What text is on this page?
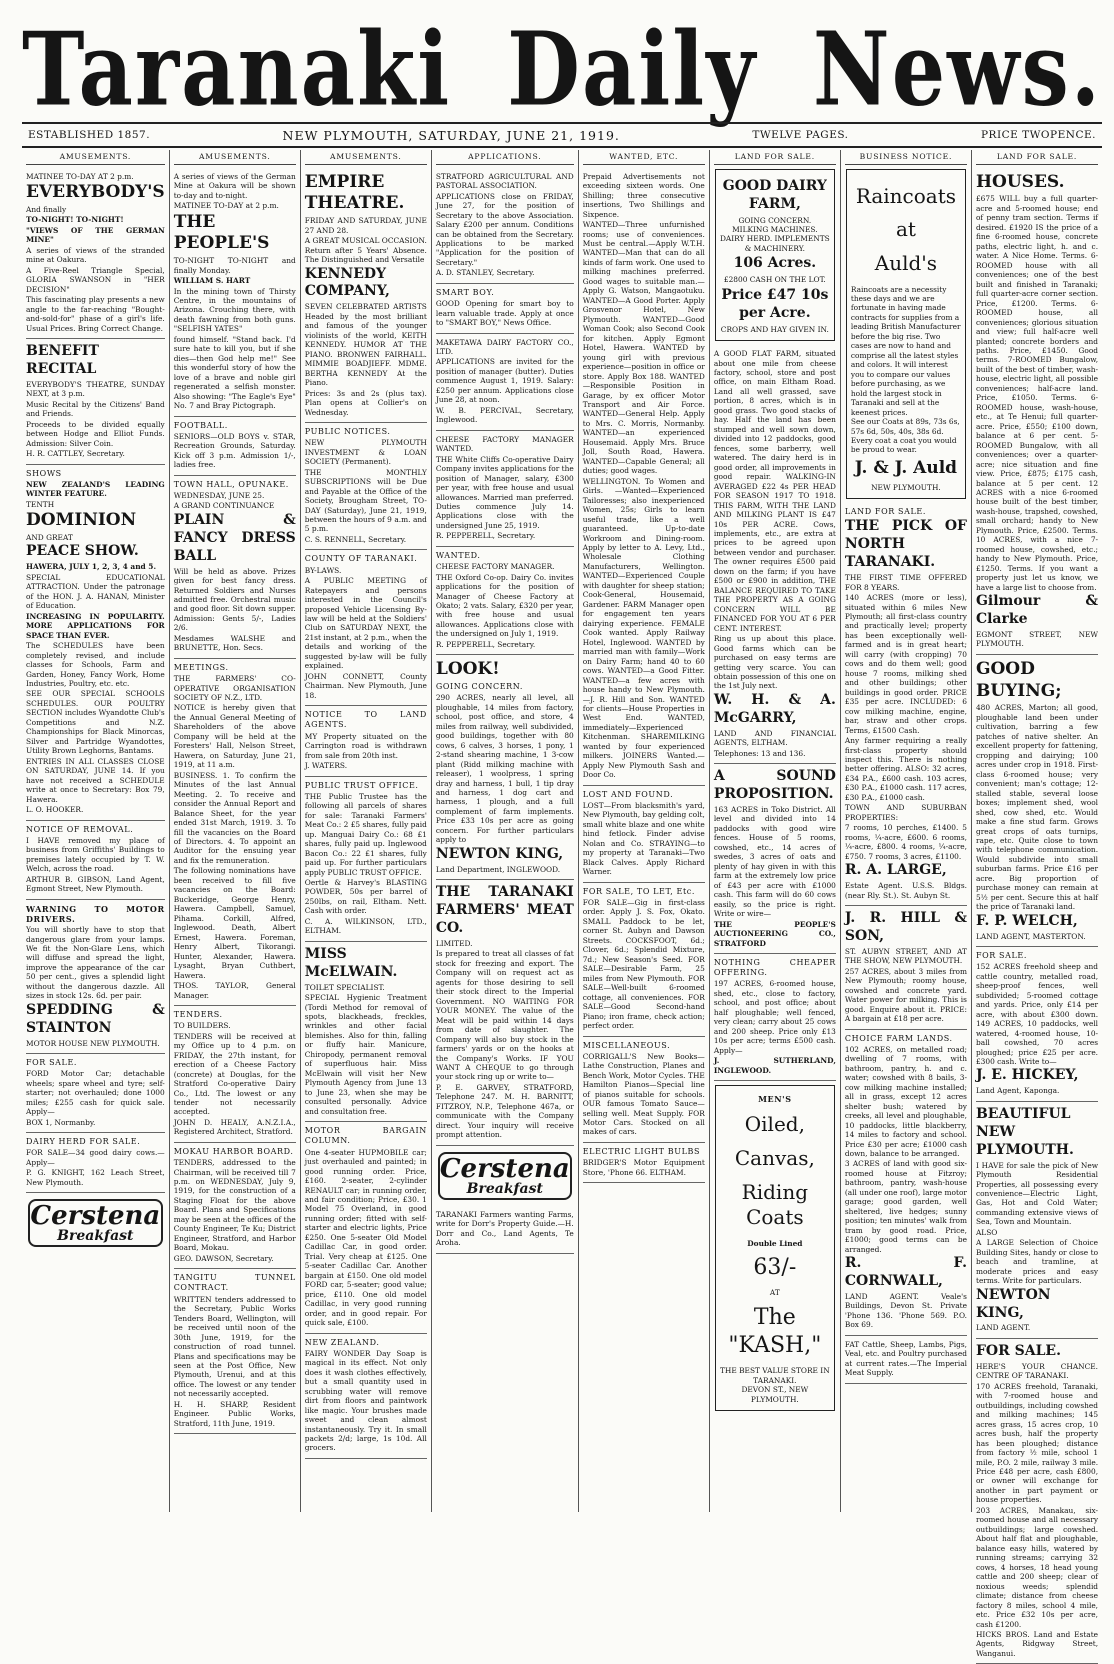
Taranaki Daily News.
ESTABLISHED 1857.	NEW PLYMOUTH, SATURDAY, JUNE 21, 1919.	TWELVE PAGES.	PRICE TWOPENCE.
AMUSEMENTS.

MATINEE TO-DAY AT 2 p.m.

EVERYBODY'S

And finally

TO-NIGHT! TO-NIGHT!

"VIEWS OF THE GERMAN MINE"

A series of views of the stranded mine at Oakura.

A Five-Reel Triangle Special, GLORIA SWANSON in "HER DECISION"

This fascinating play presents a new angle to the far-reaching "Bought-and-sold-for" phase of a girl's life. Usual Prices. Bring Correct Change.

BENEFIT RECITAL

EVERYBODY'S THEATRE, SUNDAY NEXT, at 3 p.m.

Music Recital by the Citizens' Band and Friends.

Proceeds to be divided equally between Hodge and Elliot Funds. Admission: Silver Coin.

H. R. CATTLEY, Secretary.

SHOWS

NEW ZEALAND'S LEADING WINTER FEATURE.

TENTH

DOMINION

AND GREAT

PEACE SHOW.

HAWERA, JULY 1, 2, 3, 4 and 5.

SPECIAL EDUCATIONAL ATTRACTION. Under the patronage of the HON. J. A. HANAN, Minister of Education.

INCREASING IN POPULARITY. MORE APPLICATIONS FOR SPACE THAN EVER.

The SCHEDULES have been completely revised, and include classes for Schools, Farm and Garden, Honey, Fancy Work, Home Industries, Poultry, etc. etc.

SEE OUR SPECIAL SCHOOLS SCHEDULES. OUR POULTRY SECTION includes Wyandotte Club's Competitions and N.Z. Championships for Black Minorcas, Silver and Partridge Wyandottes, Utility Brown Leghorns, Bantams.

ENTRIES IN ALL CLASSES CLOSE ON SATURDAY, JUNE 14. If you have not received a SCHEDULE write at once to Secretary: Box 79, Hawera.

L. O. HOOKER.

NOTICE OF REMOVAL.

I HAVE removed my place of business from Griffiths' Buildings to premises lately occupied by T. W. Welch, across the road.

ARTHUR B. GIBSON, Land Agent, Egmont Street, New Plymouth.

WARNING TO MOTOR DRIVERS.

You will shortly have to stop that dangerous glare from your lamps. We fit the Non-Glare Lens, which will diffuse and spread the light, improve the appearance of the car 50 per cent., gives a splendid light without the dangerous dazzle. All sizes in stock 12s. 6d. per pair.

SPEDDING & STAINTON

MOTOR HOUSE NEW PLYMOUTH.

FOR SALE.

FORD Motor Car; detachable wheels; spare wheel and tyre; self-starter; not overhauled; done 1000 miles; £255 cash for quick sale. Apply—

BOX 1, Normanby.

DAIRY HERD FOR SALE.

FOR SALE—34 good dairy cows.—Apply—

P. G. KNIGHT, 162 Leach Street, New Plymouth.

Cerstena
Breakfast
AMUSEMENTS.

A series of views of the German Mine at Oakura will be shown to-day and to-night.

MATINEE TO-DAY at 2 p.m.

THE PEOPLE'S

TO-NIGHT TO-NIGHT and finally Monday.

WILLIAM S. HART

In the mining town of Thirsty Centre, in the mountains of Arizona. Crouching there, with death fawning from both guns. "SELFISH YATES"

found himself. "Stand back. I'd sure hate to kill you, but if she dies—then God help me!" See this wonderful story of how the love of a brave and noble girl regenerated a selfish monster. Also showing: "The Eagle's Eye" No. 7 and Bray Pictograph.

FOOTBALL.

SENIORS—OLD BOYS v. STAR, Recreation Grounds, Saturday. Kick off 3 p.m. Admission 1/-, ladies free.

TOWN HALL, OPUNAKE.

WEDNESDAY, JUNE 25.

A GRAND CONTINUANCE

PLAIN & FANCY DRESS BALL

Will be held as above. Prizes given for best fancy dress. Returned Soldiers and Nurses admitted free. Orchestral music and good floor. Sit down supper. Admission: Gents 5/-, Ladies 2/6.

Mesdames WALSHE and BRUNETTE, Hon. Secs.

MEETINGS.

THE FARMERS' CO-OPERATIVE ORGANISATION SOCIETY OF N.Z., LTD.

NOTICE is hereby given that the Annual General Meeting of Shareholders of the above Company will be held at the Foresters' Hall, Nelson Street, Hawera, on Saturday, June 21, 1919, at 11 a.m.

BUSINESS. 1. To confirm the Minutes of the last Annual Meeting. 2. To receive and consider the Annual Report and Balance Sheet, for the year ended 31st March, 1919. 3. To fill the vacancies on the Board of Directors. 4. To appoint an Auditor for the ensuing year and fix the remuneration.

The following nominations have been received to fill five vacancies on the Board: Buckeridge, George Henry, Hawera. Campbell, Samuel, Pihama. Corkill, Alfred, Inglewood. Death, Albert Ernest, Hawera. Foreman, Henry Albert, Tikorangi. Hunter, Alexander, Hawera. Lysaght, Bryan Cuthbert, Hawera.

THOS. TAYLOR, General Manager.

TENDERS.

TO BUILDERS.

TENDERS will be received at my Office up to 4 p.m. on FRIDAY, the 27th instant, for erection of a Cheese Factory (concrete) at Douglas, for the Stratford Co-operative Dairy Co., Ltd. The lowest or any tender not necessarily accepted.

JOHN D. HEALY, A.N.Z.I.A., Registered Architect, Stratford.

MOKAU HARBOR BOARD.

TENDERS, addressed to the Chairman, will be received till 7 p.m. on WEDNESDAY, July 9, 1919, for the construction of a Staging Float for the above Board. Plans and Specifications may be seen at the offices of the County Engineer, Te Ku; District Engineer, Stratford, and Harbor Board, Mokau.

GEO. DAWSON, Secretary.

TANGITU TUNNEL CONTRACT.

WRITTEN tenders addressed to the Secretary, Public Works Tenders Board, Wellington, will be received until noon of the 30th June, 1919, for the construction of road tunnel. Plans and specifications may be seen at the Post Office, New Plymouth, Urenui, and at this office. The lowest or any tender not necessarily accepted.

H. H. SHARP, Resident Engineer. Public Works, Stratford, 11th June, 1919.

AMUSEMENTS.

EMPIRE THEATRE.

FRIDAY AND SATURDAY, JUNE 27 AND 28.

A GREAT MUSICAL OCCASION. Return after 5 Years' Absence. The Distinguished and Versatile

KENNEDY COMPANY,

SEVEN CELEBRATED ARTISTS Headed by the most brilliant and famous of the younger violinists of the world, KEITH KENNEDY. HUMOR AT THE PIANO. BRONWEN FAIRHALL. MIMMIE BOADJIEFF. MDME. BERTHA KENNEDY At the Piano.

Prices: 3s and 2s (plus tax). Plan opens at Collier's on Wednesday.

PUBLIC NOTICES.

NEW PLYMOUTH INVESTMENT & LOAN SOCIETY (Permanent).

THE MONTHLY SUBSCRIPTIONS will be Due and Payable at the Office of the Society, Brougham Street, TO-DAY (Saturday), June 21, 1919, between the hours of 9 a.m. and 5 p.m.

C. S. RENNELL, Secretary.

COUNTY OF TARANAKI.

BY-LAWS.

A PUBLIC MEETING of Ratepayers and persons interested in the Council's proposed Vehicle Licensing By-law will be held at the Soldiers' Club on SATURDAY NEXT, the 21st instant, at 2 p.m., when the details and working of the suggested by-law will be fully explained.

JOHN CONNETT, County Chairman. New Plymouth, June 18.

NOTICE TO LAND AGENTS.

MY Property situated on the Carrington road is withdrawn from sale from 20th inst.

J. WATERS.

PUBLIC TRUST OFFICE.

THE Public Trustee has the following all parcels of shares for sale: Taranaki Farmers' Meat Co.: 2 £5 shares, fully paid up. Manguai Dairy Co.: 68 £1 shares, fully paid up. Inglewood Bacon Co.: 22 £1 shares, fully paid up. For further particulars apply PUBLIC TRUST OFFICE.

Oertle & Harvey's BLASTING POWDER, 50s per barrel of 250lbs, on rail, Eltham. Nett. Cash with order.

C. A. WILKINSON, LTD., ELTHAM.

MISS McELWAIN.

TOILET SPECIALIST.

SPECIAL Hygienic Treatment (Tordi Method for removal of spots, blackheads, freckles, wrinkles and other facial blemishes. Also for thin, falling or fluffy hair. Manicure, Chiropody, permanent removal of superfluous hair. Miss McElwain will visit her New Plymouth Agency from June 13 to June 23, when she may be consulted personally. Advice and consultation free.

MOTOR BARGAIN COLUMN.

One 4-seater HUPMOBILE car; just overhauled and painted; in good running order. Price, £160. 2-seater, 2-cylinder RENAULT car; in running order, and fair condition; Price, £30. 1 Model 75 Overland, in good running order; fitted with self-starter and electric lights, Price £250. One 5-seater Old Model Cadillac Car, in good order. Trial. Very cheap at £125. One 5-seater Cadillac Car. Another bargain at £150. One old model FORD car, 5-seater; good value; price, £110. One old model Cadillac, in very good running order, and in good repair. For quick sale, £100.

NEW ZEALAND.

FAIRY WONDER Day Soap is magical in its effect. Not only does it wash clothes effectively, but a small quantity used in scrubbing water will remove dirt from floors and paintwork like magic. Your brushes made sweet and clean almost instantaneously. Try it. In small packets 2/d; large, 1s 10d. All grocers.

APPLICATIONS.

STRATFORD AGRICULTURAL AND PASTORAL ASSOCIATION.

APPLICATIONS close on FRIDAY, June 27, for the position of Secretary to the above Association. Salary £200 per annum. Conditions can be obtained from the Secretary. Applications to be marked "Application for the position of Secretary."

A. D. STANLEY, Secretary.

SMART BOY.

GOOD Opening for smart boy to learn valuable trade. Apply at once to "SMART BOY," News Office.

MAKETAWA DAIRY FACTORY CO., LTD.

APPLICATIONS are invited for the position of manager (butter). Duties commence August 1, 1919. Salary: £250 per annum. Applications close June 28, at noon.

W. B. PERCIVAL, Secretary, Inglewood.

CHEESE FACTORY MANAGER WANTED.

THE White Cliffs Co-operative Dairy Company invites applications for the position of Manager, salary, £300 per year, with free house and usual allowances. Married man preferred. Duties commence July 14. Applications close with the undersigned June 25, 1919.

R. PEPPERELL, Secretary.

WANTED.

CHEESE FACTORY MANAGER.

THE Oxford Co-op. Dairy Co. invites applications for the position of Manager of Cheese Factory at Okato; 2 vats. Salary, £320 per year, with free house and usual allowances. Applications close with the undersigned on July 1, 1919.

R. PEPPERELL, Secretary.

LOOK!

GOING CONCERN.

290 ACRES, nearly all level, all ploughable, 14 miles from factory, school, post office, and store, 4 miles from railway, well subdivided, good buildings, together with 80 cows, 6 calves, 3 horses, 1 pony, 1 2-stand shearing machine, 1 3-cow plant (Ridd milking machine with releaser), 1 woolpress, 1 spring dray and harness, 1 bull, 1 tip dray and harness, 1 dog cart and harness, 1 plough, and a full complement of farm implements. Price £33 10s per acre as going concern. For further particulars apply to

NEWTON KING,

Land Department, INGLEWOOD.

THE TARANAKI FARMERS' MEAT CO.

LIMITED.

Is prepared to treat all classes of fat stock for freezing and export. The Company will on request act as agents for those desiring to sell their stock direct to the Imperial Government. NO WAITING FOR YOUR MONEY. The value of the Meat will be paid within 14 days from date of slaughter. The Company will also buy stock in the farmers' yards or on the hooks at the Company's Works. IF YOU WANT A CHEQUE to go through your stock ring up or write to—

P. E. GARVEY, STRATFORD, Telephone 247. M. H. BARNITT, FITZROY, N.P., Telephone 467a, or communicate with the Company direct. Your inquiry will receive prompt attention.

Cerstena
Breakfast

TARANAKI Farmers wanting Farms, write for Dorr's Property Guide.—H. Dorr and Co., Land Agents, Te Aroha.

WANTED, ETC.

Prepaid Advertisements not exceeding sixteen words. One Shilling; three consecutive insertions, Two Shillings and Sixpence.

WANTED—Three unfurnished rooms; use of conveniences. Must be central.—Apply W.T.H. WANTED—Man that can do all kinds of farm work. One used to milking machines preferred. Good wages to suitable man.—Apply G. Watson, Mangaotuku. WANTED—A Good Porter. Apply Grosvenor Hotel, New Plymouth. WANTED—Good Woman Cook; also Second Cook for kitchen. Apply Egmont Hotel, Hawera. WANTED by young girl with previous experience—position in office or store. Apply Box 188. WANTED—Responsible Position in Garage, by ex officer Motor Transport and Air Force. WANTED—General Help. Apply to Mrs. C. Morris, Normanby. WANTED—an experienced Housemaid. Apply Mrs. Bruce Joll, South Road, Hawera. WANTED—Capable General; all duties; good wages.

WELLINGTON. To Women and Girls. —Wanted—Experienced Tailoresses; also inexperienced Women, 25s; Girls to learn useful trade, like a well guaranteed. Up-to-date Workroom and Dining-room. Apply by letter to A. Levy, Ltd., Wholesale Clothing Manufacturers, Wellington. WANTED—Experienced Couple with daughter for sheep station; Cook-General, Housemaid, Gardener. FARM Manager open for engagement ten years dairying experience. FEMALE Cook wanted. Apply Railway Hotel, Inglewood. WANTED by married man with family—Work on Dairy Farm; hand 40 to 60 cows. WANTED—a Good Fitter. WANTED—a few acres with house handy to New Plymouth.—J. R. Hill and Son. WANTED for clients—House Properties in West End. WANTED, immediately—Experienced Kitchenman. SHAREMILKING wanted by four experienced milkers. JOINERS Wanted.—Apply New Plymouth Sash and Door Co.

LOST AND FOUND.

LOST—From blacksmith's yard, New Plymouth, bay gelding colt, small white blaze and one white hind fetlock. Finder advise Nolan and Co. STRAYING—to my property at Taranaki—Two Black Calves. Apply Richard Warner.

FOR SALE, TO LET, Etc.

FOR SALE—Gig in first-class order. Apply J. S. Fox, Okato. SMALL Paddock to be let, corner St. Aubyn and Dawson Streets. COCKSFOOT, 6d.; Clover, 6d.; Splendid Mixture, 7d.; New Season's Seed. FOR SALE—Desirable Farm, 25 miles from New Plymouth. FOR SALE—Well-built 6-roomed cottage, all conveniences. FOR SALE—Good Second-hand Piano; iron frame, check action; perfect order.

MISCELLANEOUS.

CORRIGALL'S New Books—Lathe Construction, Planes and Bench Work, Motor Cycles. THE Hamilton Pianos—Special line of pianos suitable for schools. OUR famous Tomato Sauce—selling well. Meat Supply. FOR Motor Cars. Stocked on all makes of cars.

ELECTRIC LIGHT BULBS

BRIDGER'S Motor Equipment Store, 'Phone 66. ELTHAM.

LAND FOR SALE.

GOOD DAIRY FARM,

GOING CONCERN. MILKING MACHINES. DAIRY HERD. IMPLEMENTS & MACHINERY.

106 Acres.

£2800 CASH ON THE LOT.

Price £47 10s per Acre.

CROPS AND HAY GIVEN IN.

A GOOD FLAT FARM, situated about one mile from cheese factory, school, store and post office, on main Eltham Road. Land all well grassed, save portion, 8 acres, which is in good grass. Two good stacks of hay. Half the land has been stumped and well sown down, divided into 12 paddocks, good fences, some barberry, well watered. The dairy herd is in good order, all improvements in good repair. WALKING-IN AVERAGED £22 4s PER HEAD FOR SEASON 1917 TO 1918. THIS FARM, WITH THE LAND AND MILKING PLANT IS £47 10s PER ACRE. Cows, implements, etc., are extra at prices to be agreed upon between vendor and purchaser. The owner requires £500 paid down on the farm; if you have £500 or £900 in addition, THE BALANCE REQUIRED TO TAKE THE PROPERTY AS A GOING CONCERN WILL BE FINANCED FOR YOU AT 6 PER CENT. INTEREST.

Ring us up about this place. Good farms which can be purchased on easy terms are getting very scarce. You can obtain possession of this one on the 1st July next.

W. H. & A. McGARRY,

LAND AND FINANCIAL AGENTS, ELTHAM.

Telephones: 13 and 136.

A SOUND PROPOSITION.

163 ACRES in Toko District. All level and divided into 14 paddocks with good wire fences. House of 5 rooms, cowshed, etc., 14 acres of swedes, 3 acres of oats and plenty of hay given in with this farm at the extremely low price of £43 per acre with £1000 cash. This farm will do 60 cows easily, so the price is right. Write or wire—

THE PEOPLE'S AUCTIONEERING CO., STRATFORD

NOTHING CHEAPER OFFERING.

197 ACRES, 6-roomed house, shed, etc., close to factory, school, and post office; about half ploughable; well fenced, very clean; carry about 25 cows and 200 sheep. Price only £13 10s per acre; terms £500 cash. Apply—

J. SUTHERLAND, INGLEWOOD.

MEN'S

Oiled,

Canvas,

Riding Coats

Double Lined

63/-

AT

The "KASH,"

THE BEST VALUE STORE IN TARANAKI.

DEVON ST., NEW PLYMOUTH.

BUSINESS NOTICE.

Raincoats

at

Auld's

Raincoats are a necessity these days and we are fortunate in having made contracts for supplies from a leading British Manufacturer before the big rise. Two cases are now to hand and comprise all the latest styles and colors. It will interest you to compare our values before purchasing, as we hold the largest stock in Taranaki and sell at the keenest prices.

See our Coats at 89s, 73s 6s, 57s 6d, 50s, 40s, 38s 6d. Every coat a coat you would be proud to wear.

J. & J. Auld

NEW PLYMOUTH.

LAND FOR SALE.

THE PICK OF NORTH TARANAKI.

THE FIRST TIME OFFERED FOR 8 YEARS.

140 ACRES (more or less), situated within 6 miles New Plymouth; all first-class country and practically level; property has been exceptionally well-farmed and is in great heart; will carry (with cropping) 70 cows and do them well; good house 7 rooms, milking shed and other buildings; other buildings in good order. PRICE £35 per acre. INCLUDED: 6 cow milking machine, engine, bar, straw and other crops. Terms, £1500 Cash.

Any farmer requiring a really first-class property should inspect this. There is nothing better offering. ALSO: 32 acres, £34 P.A., £600 cash. 103 acres, £30 P.A., £1000 cash. 117 acres, £30 P.A., £1000 cash.

TOWN AND SUBURBAN PROPERTIES:

7 rooms, 10 perches, £1400. 5 rooms, ¼-acre, £600. 6 rooms, ¼-acre, £800. 4 rooms, ¼-acre, £750. 7 rooms, 3 acres, £1100.

R. A. LARGE,

Estate Agent. U.S.S. Bldgs. (near Rly. St.). St. Aubyn St.

J. R. HILL & SON,

ST. AUBYN STREET, AND AT THE SHOW, NEW PLYMOUTH.

257 ACRES, about 3 miles from New Plymouth; roomy house, cowshed and concrete yard. Water power for milking. This is good. Enquire about it. PRICE: A bargain at £18 per acre.

CHOICE FARM LANDS.

102 ACRES, on metalled road; dwelling of 7 rooms, with bathroom, pantry, h. and c. water; cowshed with 8 bails, 3-cow milking machine installed; all in grass, except 12 acres shelter bush; watered by creeks, all level and ploughable, 10 paddocks, little blackberry, 14 miles to factory and school. Price £30 per acre; £1000 cash down, balance to be arranged.

3 ACRES of land with good six-roomed house at Fitzroy; bathroom, pantry, wash-house (all under one roof), large motor garage; good garden, well sheltered, live hedges; sunny position; ten minutes' walk from tram by good road. Price, £1000; good terms can be arranged.

R. F. CORNWALL,

LAND AGENT. Veale's Buildings, Devon St. Private 'Phone 136. 'Phone 569. P.O. Box 69.

FAT Cattle, Sheep, Lambs, Pigs, Veal, etc. and Poultry purchased at current rates.—The Imperial Meat Supply.

LAND FOR SALE.

HOUSES.

£675 WILL buy a full quarter-acre and 5-roomed house; end of penny tram section. Terms if desired. £1920 IS the price of a fine 6-roomed house, concrete paths, electric light, h. and c. water. A Nice Home. Terms. 6-ROOMED house with all conveniences; one of the best built and finished in Taranaki; full quarter-acre corner section. Price, £1200. Terms. 6-ROOMED house, all conveniences; glorious situation and view; full half-acre well planted; concrete borders and paths. Price, £1450. Good terms. 7-ROOMED Bungalow, built of the best of timber, wash-house, electric light, all possible conveniences; half-acre land. Price, £1050. Terms. 6-ROOMED house, wash-house, etc., at Te Henui; full quarter-acre. Price, £550; £100 down, balance at 6 per cent. 5-ROOMED Bungalow, with all conveniences; over a quarter-acre; nice situation and fine view. Price, £875; £175 cash, balance at 5 per cent. 12 ACRES with a nice 6-roomed house built of the best timber, wash-house, trapshed, cowshed, small orchard; handy to New Plymouth. Price, £2500. Terms. 10 ACRES, with a nice 7-roomed house, cowshed, etc.; handy to New Plymouth. Price, £1250. Terms. If you want a property just let us know, we have a large list to choose from.

Gilmour & Clarke

EGMONT STREET, NEW PLYMOUTH.

GOOD BUYING;

480 ACRES, Marton; all good, ploughable land been under cultivation, barring a few patches of native shelter. An excellent property for fattening, cropping and dairying; 100 acres under crop in 1918. First-class 6-roomed house; very convenient; man's cottage; 12-stalled stable, several loose boxes; implement shed, wool shed, cow shed, etc. Would make a fine stud farm. Grows great crops of oats turnips, rape, etc. Quite close to town with telephone communication. Would subdivide into small suburban farms. Price £16 per acre. Big proportion of purchase money can remain at 5½ per cent. Secure this at half the price of Taranaki land.

F. P. WELCH,

LAND AGENT, MASTERTON.

FOR SALE.

152 ACRES freehold sheep and cattle country, metalled road, sheep-proof fences, well subdivided; 5-roomed cottage and yards. Price, only £14 per acre, with about £300 down. 149 ACRES, 10 paddocks, well watered, 4-roomed house, 10-ball cowshed, 70 acres ploughed; price £25 per acre. £300 cash. Write to—

J. E. HICKEY,

Land Agent, Kaponga.

BEAUTIFUL NEW PLYMOUTH.

I HAVE for sale the pick of New Plymouth Residential Properties, all possessing every convenience—Electric Light, Gas, Hot and Cold Water; commanding extensive views of Sea, Town and Mountain.

ALSO

A LARGE Selection of Choice Building Sites, handy or close to beach and tramline, at moderate prices and easy terms. Write for particulars.

NEWTON KING,

LAND AGENT.

FOR SALE.

HERE'S YOUR CHANCE. CENTRE OF TARANAKI.

170 ACRES freehold, Taranaki, with 7-roomed house and outbuildings, including cowshed and milking machines; 145 acres grass, 15 acres crop, 10 acres bush, half the property has been ploughed; distance from factory ½ mile, school 1 mile, P.O. 2 mile, railway 3 mile. Price £48 per acre, cash £800, or owner will exchange for another in part payment or house properties.

203 ACRES, Manakau, six-roomed house and all necessary outbuildings; large cowshed. About half flat and ploughable, balance easy hills, watered by running streams; carrying 32 cows, 4 horses, 18 head young cattle and 200 sheep; clear of noxious weeds; splendid climate; distance from cheese factory 8 miles, school 4 mile, etc. Price £32 10s per acre, cash £1200.

HICKS BROS. Land and Estate Agents, Ridgway Street, Wanganui.
